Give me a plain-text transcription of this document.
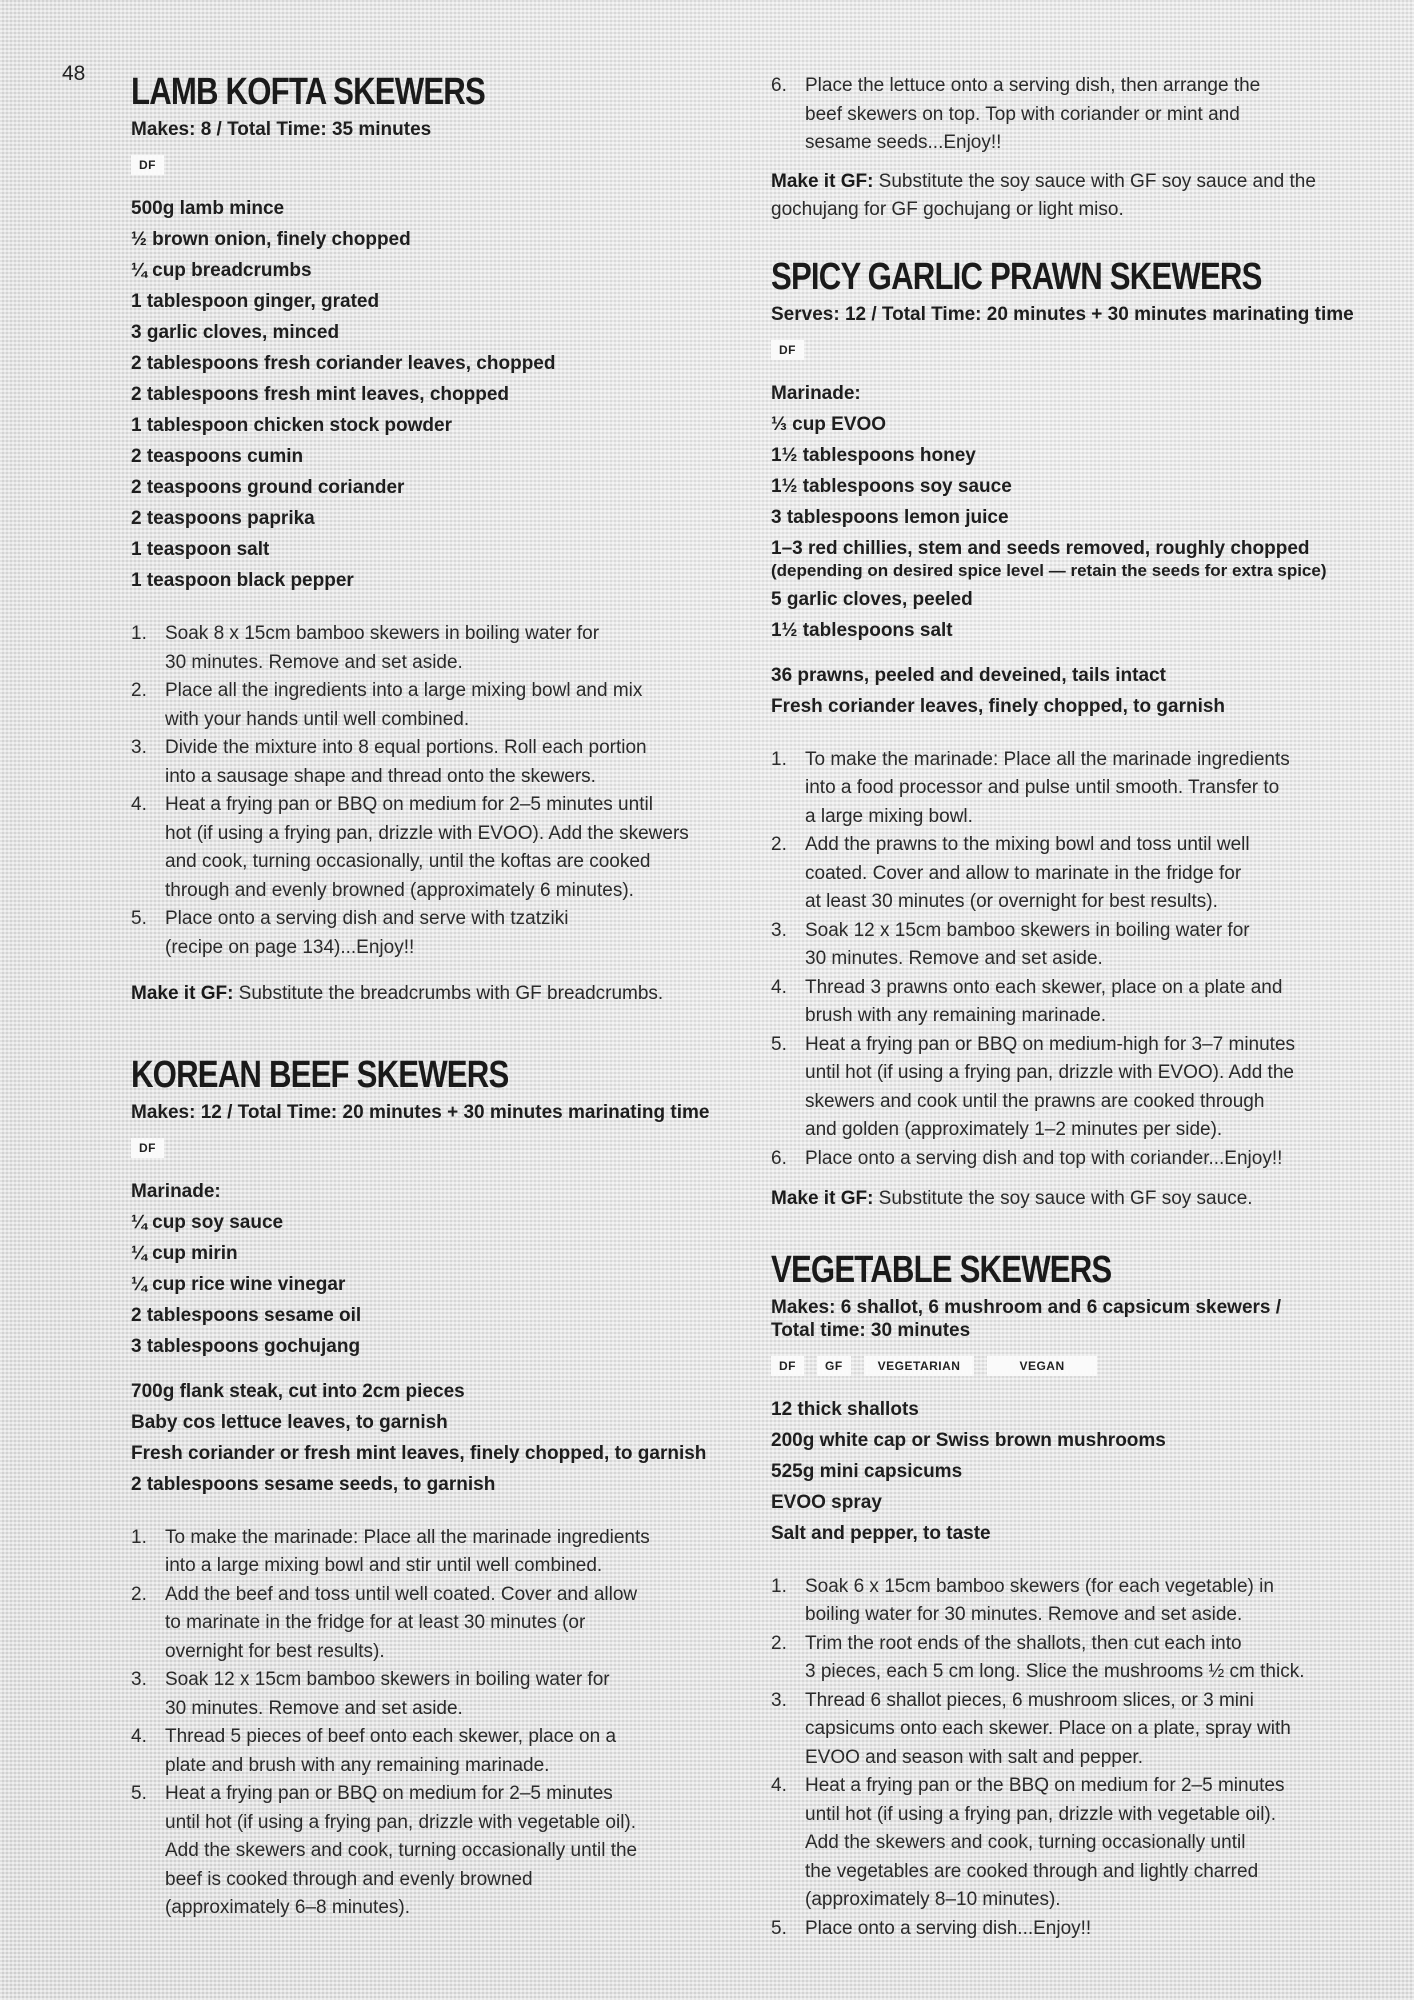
48 LAMB KOFTA SKEWERS

Makes: 8 / Total Time: 35 minutes

DF
500g lamb mince
½ brown onion, finely chopped
¼ cup breadcrumbs
1 tablespoon ginger, grated
3 garlic cloves, minced
2 tablespoons fresh coriander leaves, chopped
2 tablespoons fresh mint leaves, chopped
1 tablespoon chicken stock powder
2 teaspoons cumin
2 teaspoons ground coriander
2 teaspoons paprika
1 teaspoon salt
1 teaspoon black pepper
1. Soak 8 x 15cm bamboo skewers in boiling water for
30 minutes. Remove and set aside.
2. Place all the ingredients into a large mixing bowl and mix
with your hands until well combined.
3. Divide the mixture into 8 equal portions. Roll each portion
into a sausage shape and thread onto the skewers.
4. Heat a frying pan or BBQ on medium for 2–5 minutes until
hot (if using a frying pan, drizzle with EVOO). Add the skewers
and cook, turning occasionally, until the koftas are cooked
through and evenly browned (approximately 6 minutes).
5. Place onto a serving dish and serve with tzatziki
(recipe on page 134)...Enjoy!!

Make it GF: Substitute the breadcrumbs with GF breadcrumbs.

KOREAN BEEF SKEWERS

Makes: 12 / Total Time: 20 minutes + 30 minutes marinating time

DF
Marinade:
¼ cup soy sauce
¼ cup mirin
¼ cup rice wine vinegar
2 tablespoons sesame oil
3 tablespoons gochujang
700g flank steak, cut into 2cm pieces
Baby cos lettuce leaves, to garnish
Fresh coriander or fresh mint leaves, finely chopped, to garnish
2 tablespoons sesame seeds, to garnish
1. To make the marinade: Place all the marinade ingredients
into a large mixing bowl and stir until well combined.
2. Add the beef and toss until well coated. Cover and allow
to marinate in the fridge for at least 30 minutes (or
overnight for best results).
3. Soak 12 x 15cm bamboo skewers in boiling water for
30 minutes. Remove and set aside.
4. Thread 5 pieces of beef onto each skewer, place on a
plate and brush with any remaining marinade.
5. Heat a frying pan or BBQ on medium for 2–5 minutes
until hot (if using a frying pan, drizzle with vegetable oil).
Add the skewers and cook, turning occasionally until the
beef is cooked through and evenly browned
(approximately 6–8 minutes).
6. Place the lettuce onto a serving dish, then arrange the
beef skewers on top. Top with coriander or mint and
sesame seeds...Enjoy!!

Make it GF: Substitute the soy sauce with GF soy sauce and the gochujang for GF gochujang or light miso.

SPICY GARLIC PRAWN SKEWERS

Serves: 12 / Total Time: 20 minutes + 30 minutes marinating time

DF
Marinade:
⅓ cup EVOO
1½ tablespoons honey
1½ tablespoons soy sauce
3 tablespoons lemon juice
1–3 red chillies, stem and seeds removed, roughly chopped
(depending on desired spice level — retain the seeds for extra spice)
5 garlic cloves, peeled
1½ tablespoons salt
36 prawns, peeled and deveined, tails intact
Fresh coriander leaves, finely chopped, to garnish
1. To make the marinade: Place all the marinade ingredients
into a food processor and pulse until smooth. Transfer to
a large mixing bowl.
2. Add the prawns to the mixing bowl and toss until well
coated. Cover and allow to marinate in the fridge for
at least 30 minutes (or overnight for best results).
3. Soak 12 x 15cm bamboo skewers in boiling water for
30 minutes. Remove and set aside.
4. Thread 3 prawns onto each skewer, place on a plate and
brush with any remaining marinade.
5. Heat a frying pan or BBQ on medium-high for 3–7 minutes
until hot (if using a frying pan, drizzle with EVOO). Add the
skewers and cook until the prawns are cooked through
and golden (approximately 1–2 minutes per side).
6. Place onto a serving dish and top with coriander...Enjoy!!

Make it GF: Substitute the soy sauce with GF soy sauce.

VEGETABLE SKEWERS

Makes: 6 shallot, 6 mushroom and 6 capsicum skewers /
Total time: 30 minutes

DF	GF	VEGETARIAN	VEGAN
12 thick shallots
200g white cap or Swiss brown mushrooms
525g mini capsicums
EVOO spray
Salt and pepper, to taste
1. Soak 6 x 15cm bamboo skewers (for each vegetable) in
boiling water for 30 minutes. Remove and set aside.
2. Trim the root ends of the shallots, then cut each into
3 pieces, each 5 cm long. Slice the mushrooms ½ cm thick.
3. Thread 6 shallot pieces, 6 mushroom slices, or 3 mini
capsicums onto each skewer. Place on a plate, spray with
EVOO and season with salt and pepper.
4. Heat a frying pan or the BBQ on medium for 2–5 minutes
until hot (if using a frying pan, drizzle with vegetable oil).
Add the skewers and cook, turning occasionally until
the vegetables are cooked through and lightly charred
(approximately 8–10 minutes).
5. Place onto a serving dish...Enjoy!!
